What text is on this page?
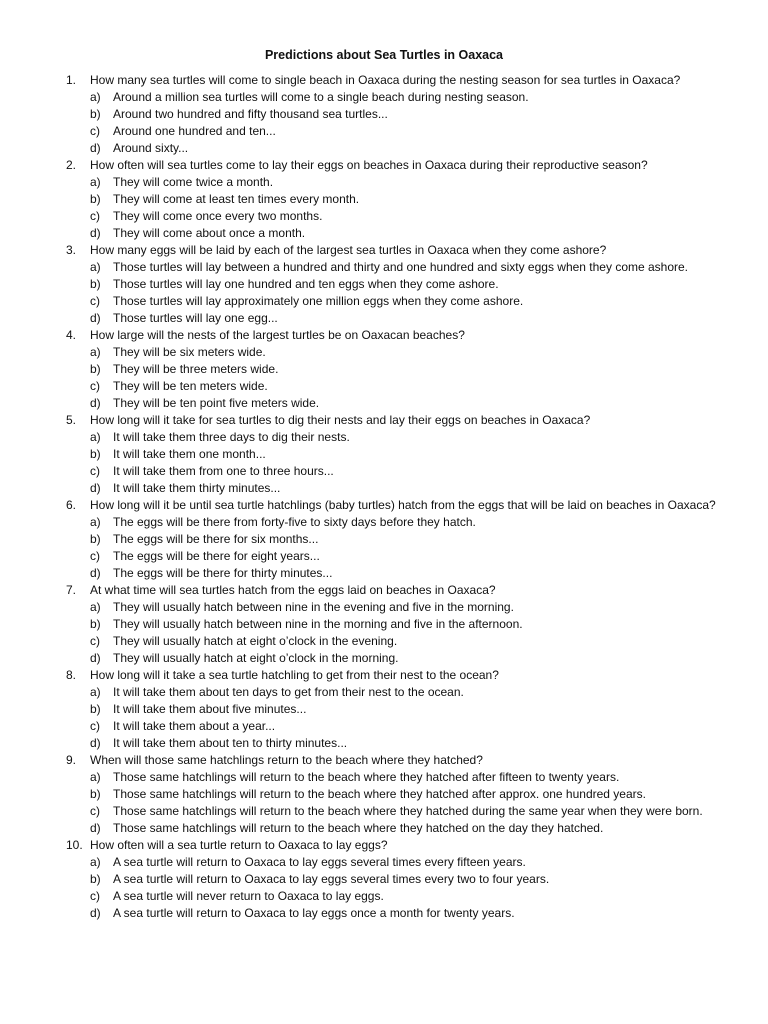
Predictions about Sea Turtles in Oaxaca
1. How many sea turtles will come to single beach in Oaxaca during the nesting season for sea turtles in Oaxaca?
a) Around a million sea turtles will come to a single beach during nesting season.
b) Around two hundred and fifty thousand sea turtles...
c) Around one hundred and ten...
d) Around sixty...
2. How often will sea turtles come to lay their eggs on beaches in Oaxaca during their reproductive season?
a) They will come twice a month.
b) They will come at least ten times every month.
c) They will come once every two months.
d) They will come about once a month.
3. How many eggs will be laid by each of the largest sea turtles in Oaxaca when they come ashore?
a) Those turtles will lay between a hundred and thirty and one hundred and sixty eggs when they come ashore.
b) Those turtles will lay one hundred and ten eggs when they come ashore.
c) Those turtles will lay approximately one million eggs when they come ashore.
d) Those turtles will lay one egg...
4. How large will the nests of the largest turtles be on Oaxacan beaches?
a) They will be six meters wide.
b) They will be three meters wide.
c) They will be ten meters wide.
d) They will be ten point five meters wide.
5. How long will it take for sea turtles to dig their nests and lay their eggs on beaches in Oaxaca?
a) It will take them three days to dig their nests.
b) It will take them one month...
c) It will take them from one to three hours...
d) It will take them thirty minutes...
6. How long will it be until sea turtle hatchlings (baby turtles) hatch from the eggs that will be laid on beaches in Oaxaca?
a) The eggs will be there from forty-five to sixty days before they hatch.
b) The eggs will be there for six months...
c) The eggs will be there for eight years...
d) The eggs will be there for thirty minutes...
7. At what time will sea turtles hatch from the eggs laid on beaches in Oaxaca?
a) They will usually hatch between nine in the evening and five in the morning.
b) They will usually hatch between nine in the morning and five in the afternoon.
c) They will usually hatch at eight o’clock in the evening.
d) They will usually hatch at eight o’clock in the morning.
8. How long will it take a sea turtle hatchling to get from their nest to the ocean?
a) It will take them about ten days to get from their nest to the ocean.
b) It will take them about five minutes...
c) It will take them about a year...
d) It will take them about ten to thirty minutes...
9. When will those same hatchlings return to the beach where they hatched?
a) Those same hatchlings will return to the beach where they hatched after fifteen to twenty years.
b) Those same hatchlings will return to the beach where they hatched after approx. one hundred years.
c) Those same hatchlings will return to the beach where they hatched during the same year when they were born.
d) Those same hatchlings will return to the beach where they hatched on the day they hatched.
10. How often will a sea turtle return to Oaxaca to lay eggs?
a) A sea turtle will return to Oaxaca to lay eggs several times every fifteen years.
b) A sea turtle will return to Oaxaca to lay eggs several times every two to four years.
c) A sea turtle will never return to Oaxaca to lay eggs.
d) A sea turtle will return to Oaxaca to lay eggs once a month for twenty years.
